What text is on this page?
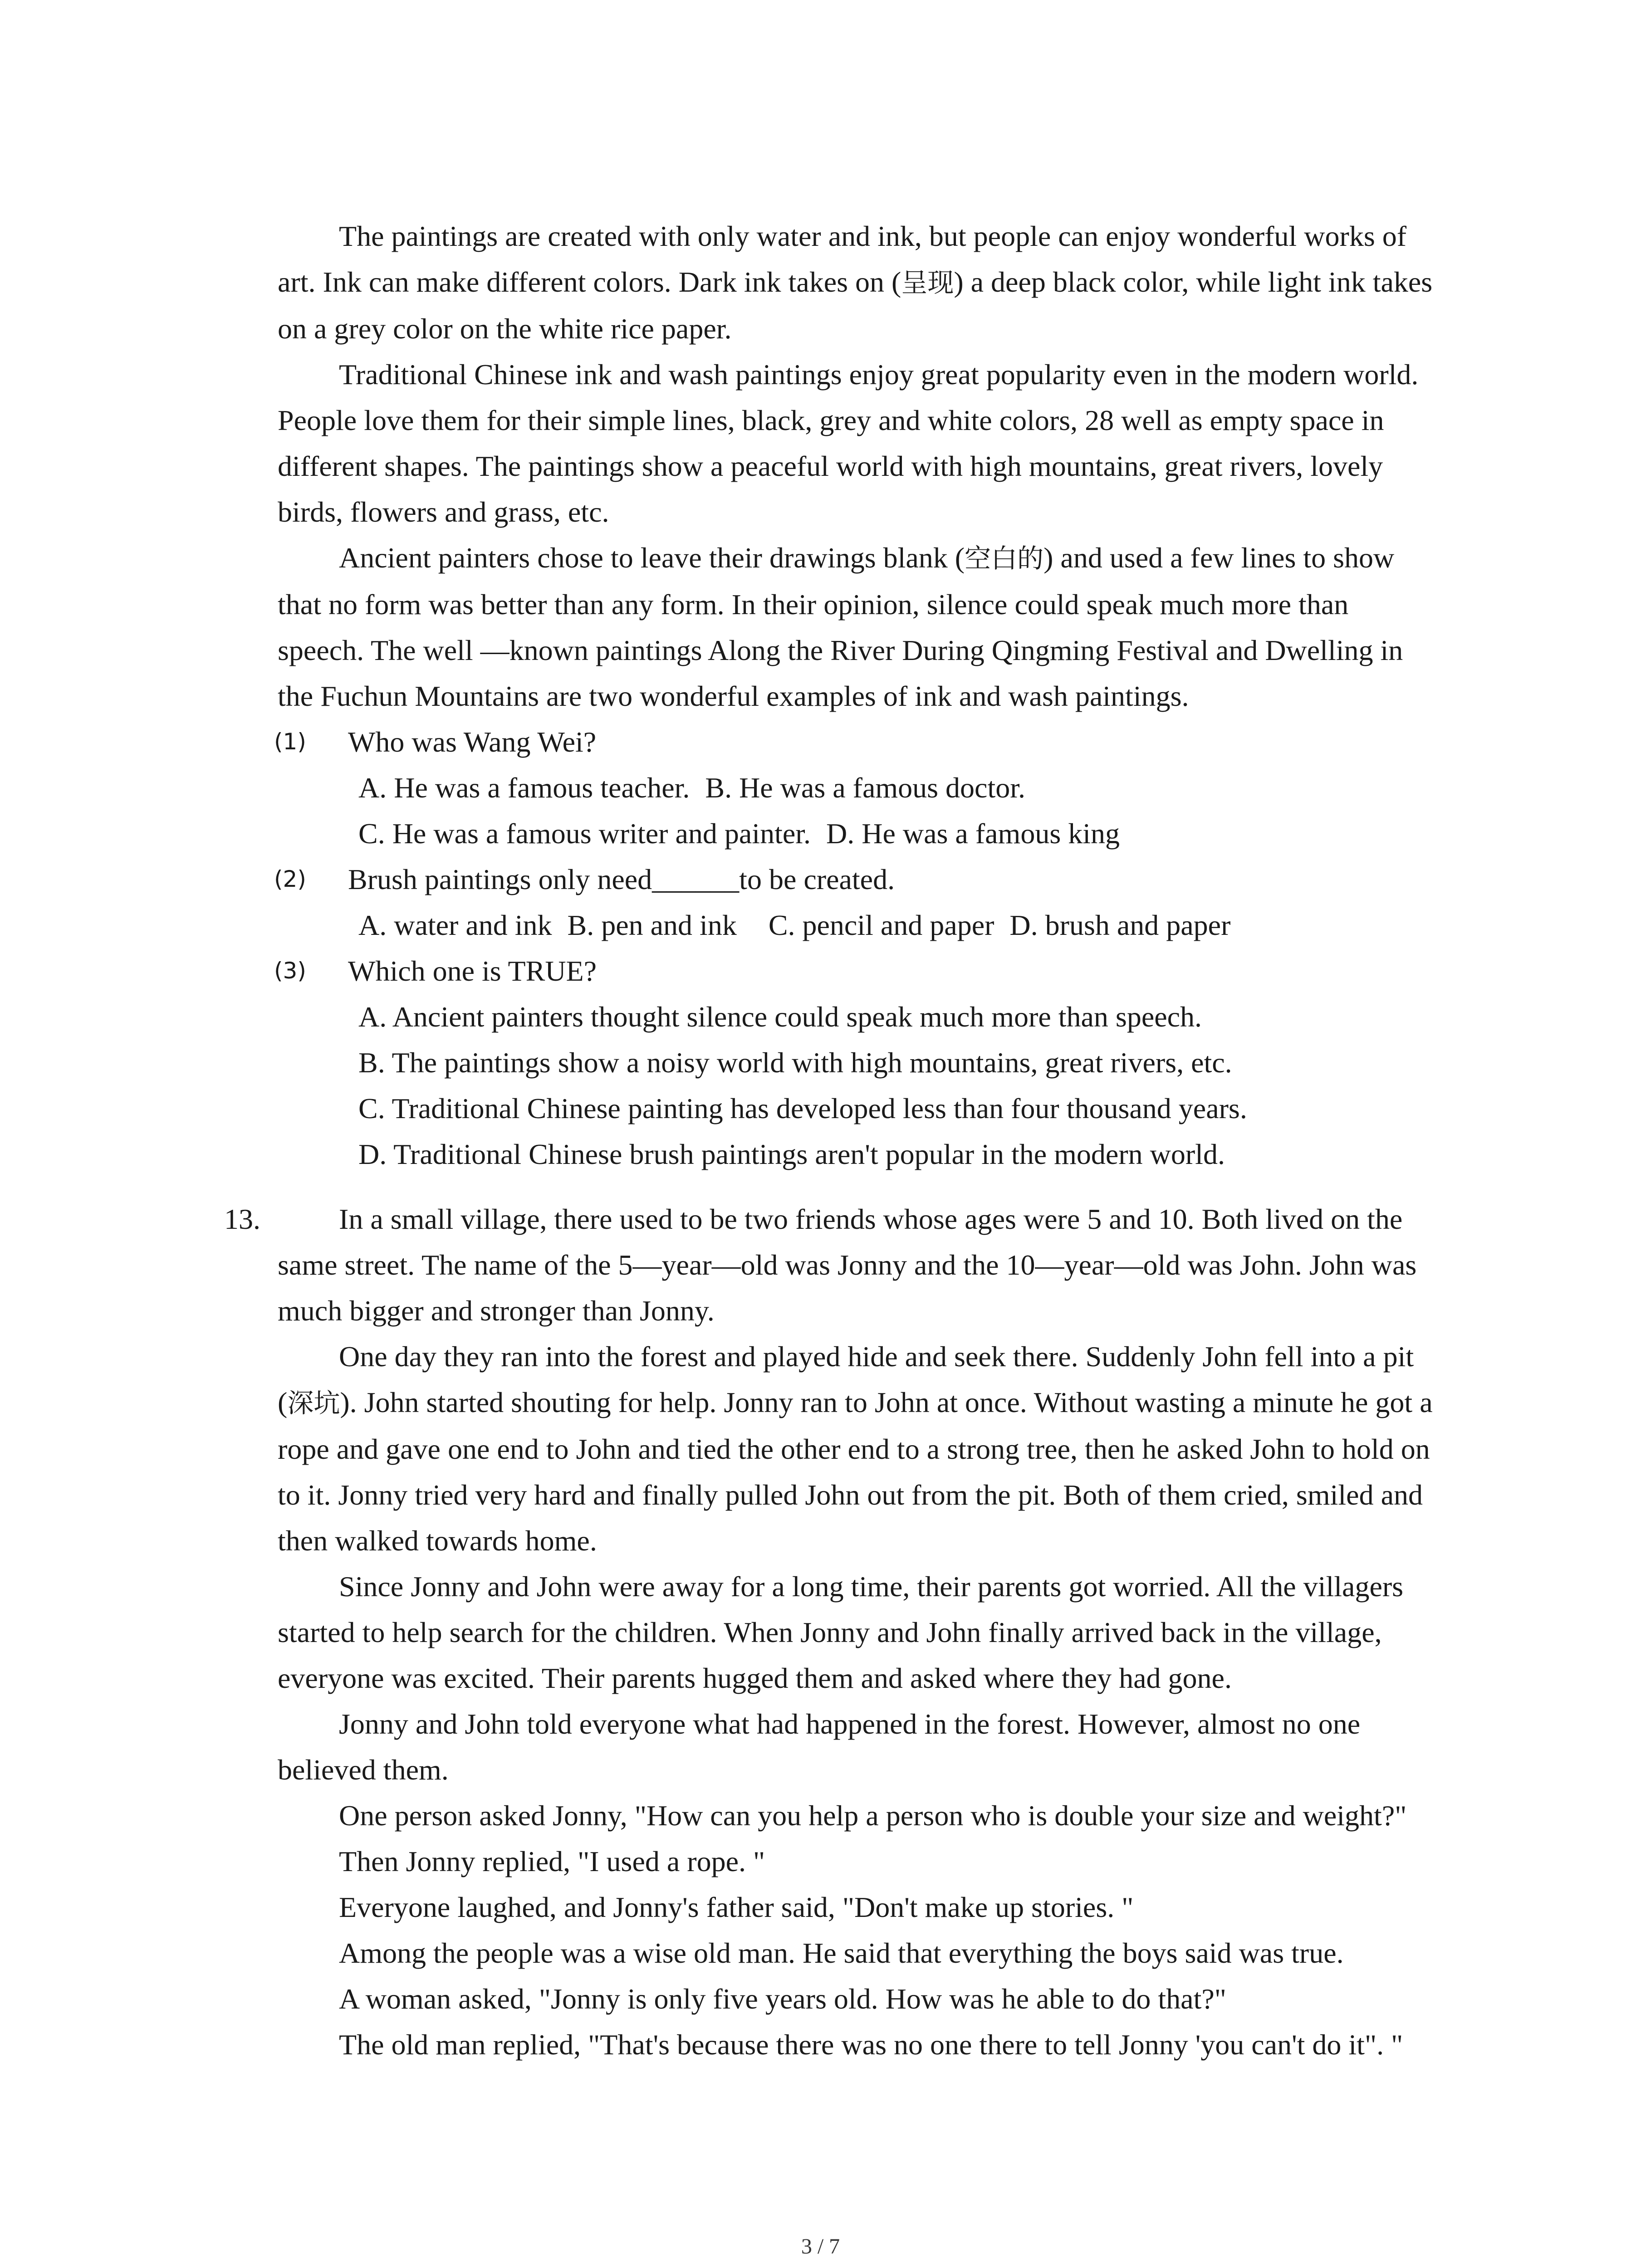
The paintings are created with only water and ink, but people can enjoy wonderful works of art. Ink can make different colors. Dark ink takes on (呈现) a deep black color, while light ink takes on a grey color on the white rice paper.

Traditional Chinese ink and wash paintings enjoy great popularity even in the modern world. People love them for their simple lines, black, grey and white colors, 28 well as empty space in different shapes. The paintings show a peaceful world with high mountains, great rivers, lovely birds, flowers and grass, etc.

Ancient painters chose to leave their drawings blank (空白的) and used a few lines to show that no form was better than any form. In their opinion, silence could speak much more than speech. The well —known paintings Along the River During Qingming Festival and Dwelling in the Fuchun Mountains are two wonderful examples of ink and wash paintings.

(1) Who was Wang Wei?
A. He was a famous teacher. B. He was a famous doctor.
C. He was a famous writer and painter. D. He was a famous king
(2) Brush paintings only need______to be created.
A. water and ink B. pen and ink C. pencil and paper D. brush and paper
(3) Which one is TRUE?
A. Ancient painters thought silence could speak much more than speech.
B. The paintings show a noisy world with high mountains, great rivers, etc.
C. Traditional Chinese painting has developed less than four thousand years.
D. Traditional Chinese brush paintings aren't popular in the modern world.
13.	In a small village, there used to be two friends whose ages were 5 and 10. Both lived on the same street. The name of the 5—year—old was Jonny and the 10—year—old was John. John was much bigger and stronger than Jonny.

One day they ran into the forest and played hide and seek there. Suddenly John fell into a pit (深坑). John started shouting for help. Jonny ran to John at once. Without wasting a minute he got a rope and gave one end to John and tied the other end to a strong tree, then he asked John to hold on to it. Jonny tried very hard and finally pulled John out from the pit. Both of them cried, smiled and then walked towards home.

Since Jonny and John were away for a long time, their parents got worried. All the villagers started to help search for the children. When Jonny and John finally arrived back in the village, everyone was excited. Their parents hugged them and asked where they had gone.

Jonny and John told everyone what had happened in the forest. However, almost no one believed them.

One person asked Jonny, "How can you help a person who is double your size and weight?"

Then Jonny replied, "I used a rope. "

Everyone laughed, and Jonny's father said, "Don't make up stories. "

Among the people was a wise old man. He said that everything the boys said was true.

A woman asked, "Jonny is only five years old. How was he able to do that?"

The old man replied, "That's because there was no one there to tell Jonny 'you can't do it". "

3 / 7
